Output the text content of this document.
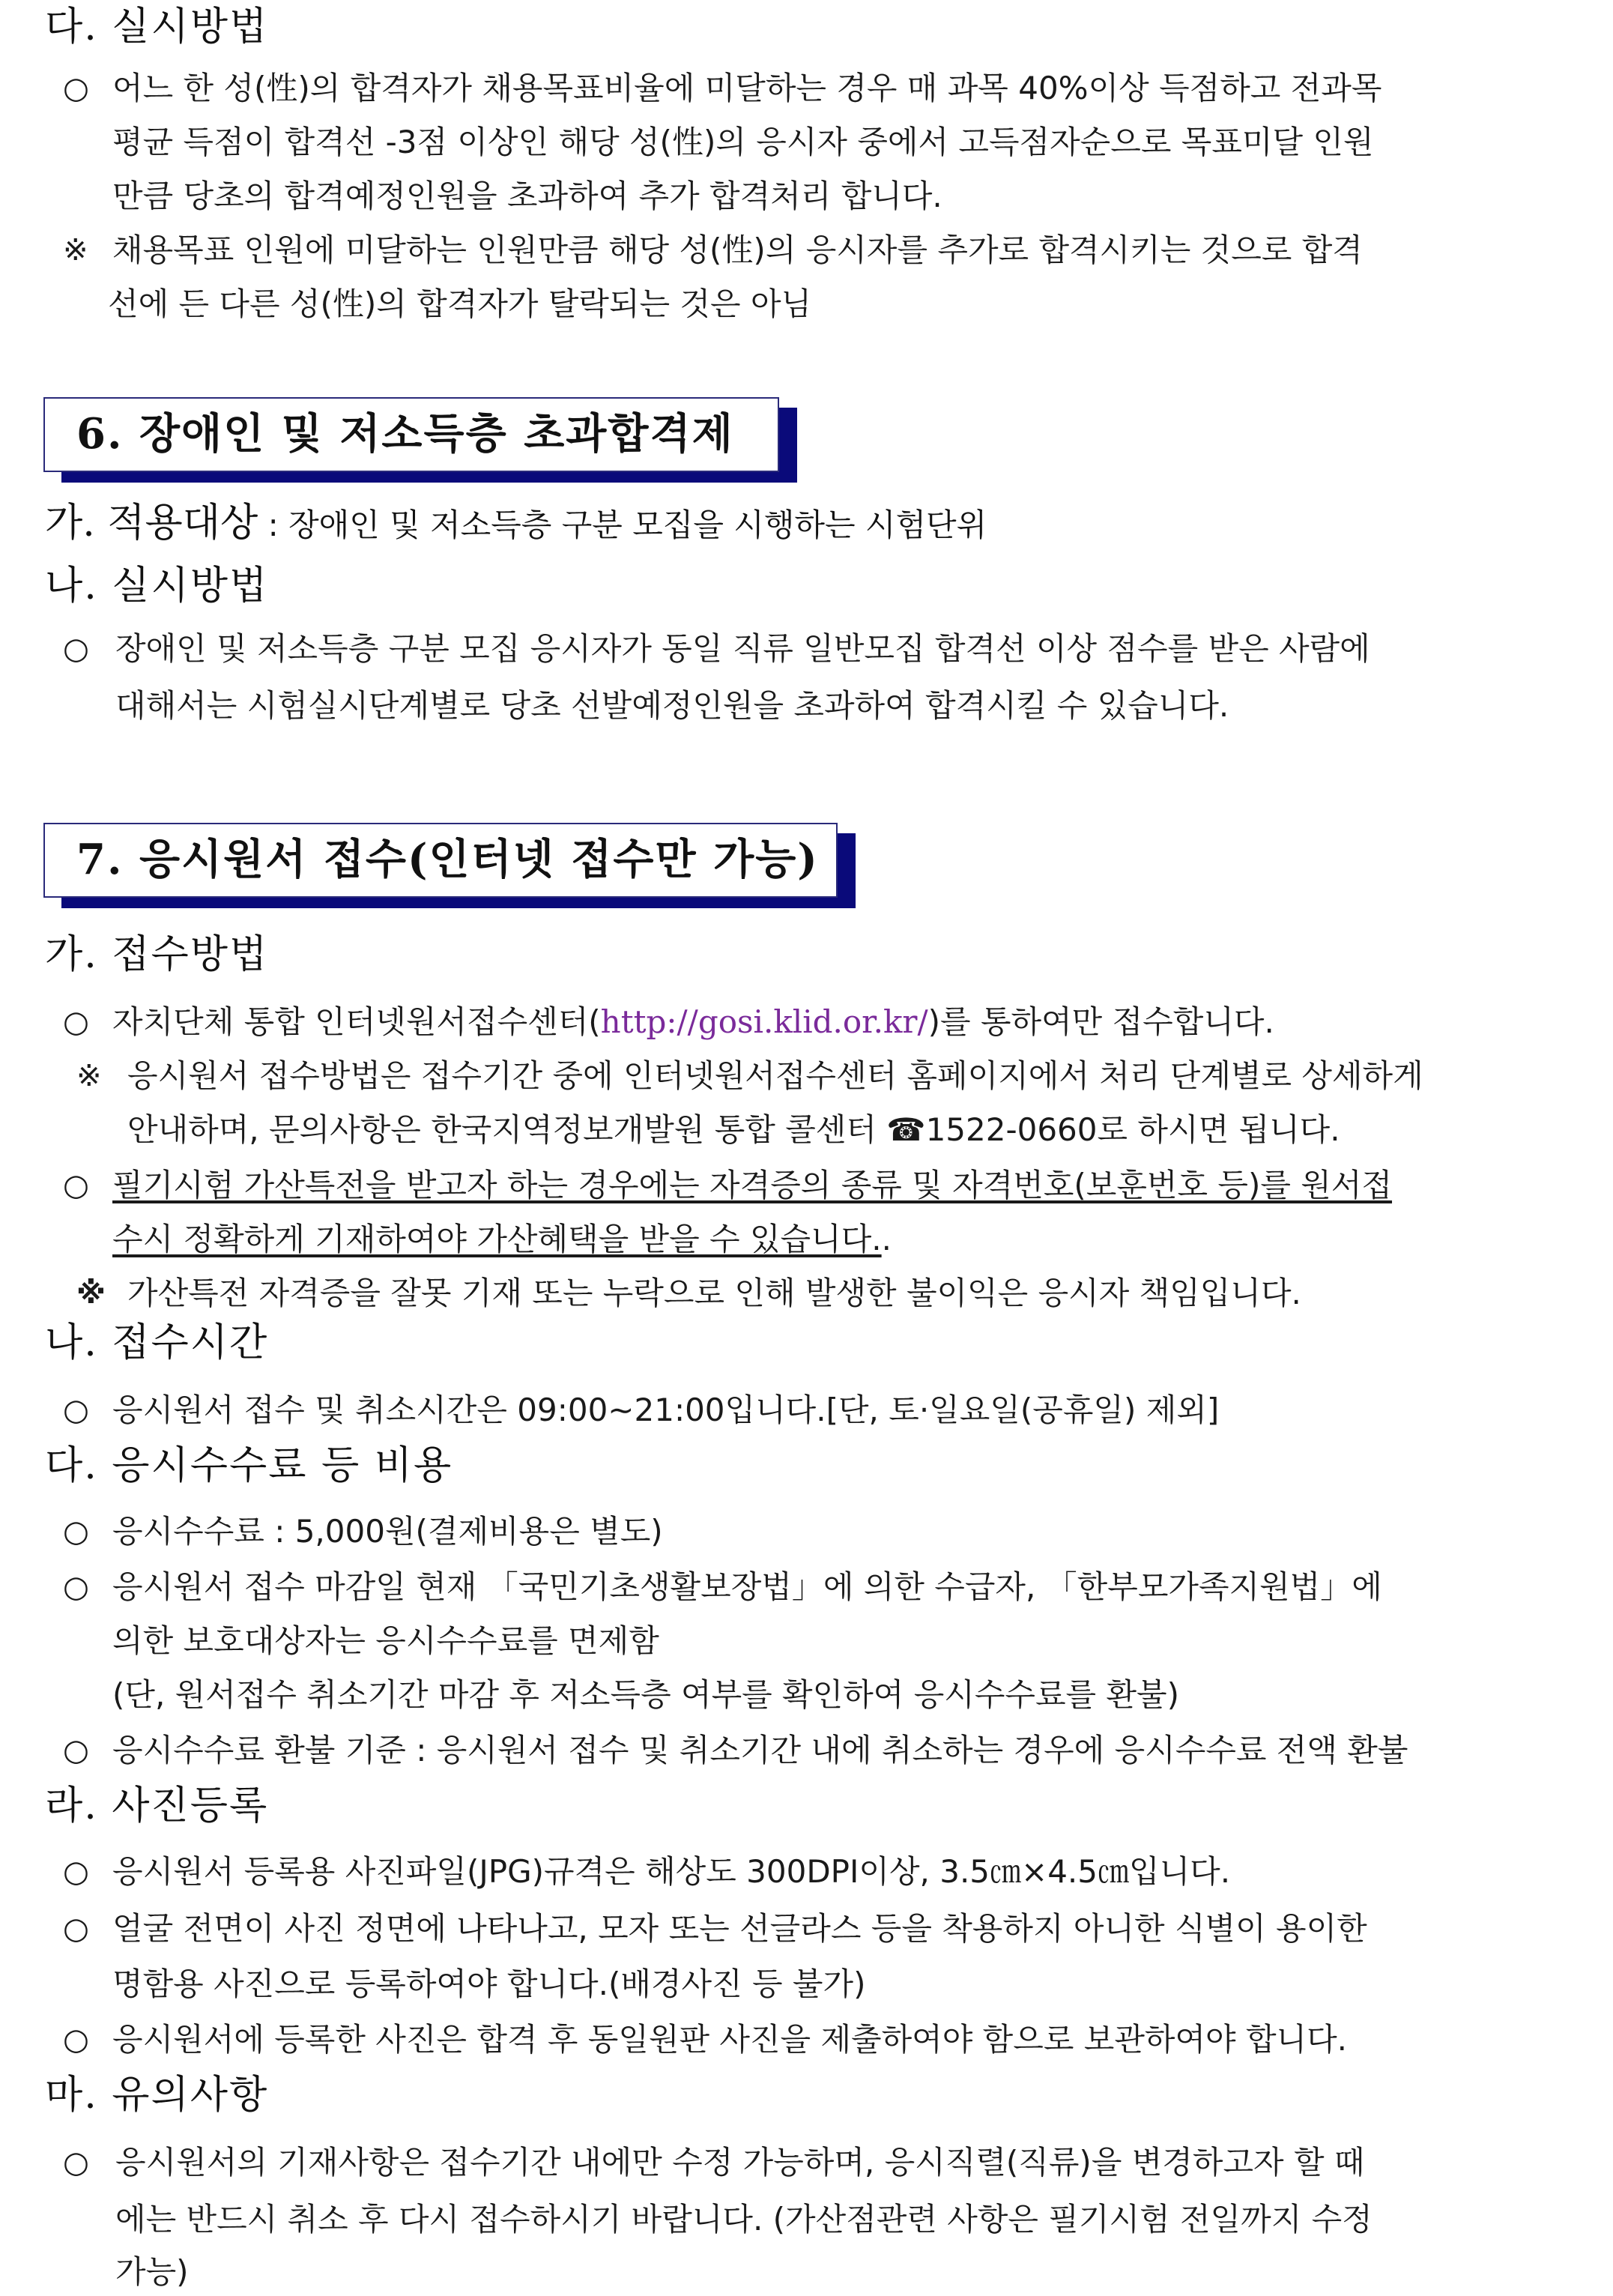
다. 실시방법
○ 어느 한 성(性)의 합격자가 채용목표비율에 미달하는 경우 매 과목 40%이상 득점하고 전과목
평균 득점이 합격선 -3점 이상인 해당 성(性)의 응시자 중에서 고득점자순으로 목표미달 인원
만큼 당초의 합격예정인원을 초과하여 추가 합격처리 합니다.
※ 채용목표 인원에 미달하는 인원만큼 해당 성(性)의 응시자를 추가로 합격시키는 것으로 합격
선에 든 다른 성(性)의 합격자가 탈락되는 것은 아님
6. 장애인 및 저소득층 초과합격제
가. 적용대상 : 장애인 및 저소득층 구분 모집을 시행하는 시험단위
나. 실시방법
○ 장애인 및 저소득층 구분 모집 응시자가 동일 직류 일반모집 합격선 이상 점수를 받은 사람에
대해서는 시험실시단계별로 당초 선발예정인원을 초과하여 합격시킬 수 있습니다.
7. 응시원서 접수(인터넷 접수만 가능)
가. 접수방법
○ 자치단체 통합 인터넷원서접수센터(http://gosi.klid.or.kr/)를 통하여만 접수합니다.
※ 응시원서 접수방법은 접수기간 중에 인터넷원서접수센터 홈페이지에서 처리 단계별로 상세하게
안내하며, 문의사항은 한국지역정보개발원 통합 콜센터 ☎1522-0660로 하시면 됩니다.
○ 필기시험 가산특전을 받고자 하는 경우에는 자격증의 종류 및 자격번호(보훈번호 등)를 원서접
수시 정확하게 기재하여야 가산혜택을 받을 수 있습니다..
※ 가산특전 자격증을 잘못 기재 또는 누락으로 인해 발생한 불이익은 응시자 책임입니다.
나. 접수시간
○ 응시원서 접수 및 취소시간은 09:00∼21:00입니다.[단, 토·일요일(공휴일) 제외]
다. 응시수수료 등 비용
○ 응시수수료 : 5,000원(결제비용은 별도)
○ 응시원서 접수 마감일 현재 「국민기초생활보장법」에 의한 수급자, 「한부모가족지원법」에
의한 보호대상자는 응시수수료를 면제함
(단, 원서접수 취소기간 마감 후 저소득층 여부를 확인하여 응시수수료를 환불)
○ 응시수수료 환불 기준 : 응시원서 접수 및 취소기간 내에 취소하는 경우에 응시수수료 전액 환불
라. 사진등록
○ 응시원서 등록용 사진파일(JPG)규격은 해상도 300DPI이상, 3.5㎝×4.5㎝입니다.
○ 얼굴 전면이 사진 정면에 나타나고, 모자 또는 선글라스 등을 착용하지 아니한 식별이 용이한
명함용 사진으로 등록하여야 합니다.(배경사진 등 불가)
○ 응시원서에 등록한 사진은 합격 후 동일원판 사진을 제출하여야 함으로 보관하여야 합니다.
마. 유의사항
○ 응시원서의 기재사항은 접수기간 내에만 수정 가능하며, 응시직렬(직류)을 변경하고자 할 때
에는 반드시 취소 후 다시 접수하시기 바랍니다. (가산점관련 사항은 필기시험 전일까지 수정
가능)
